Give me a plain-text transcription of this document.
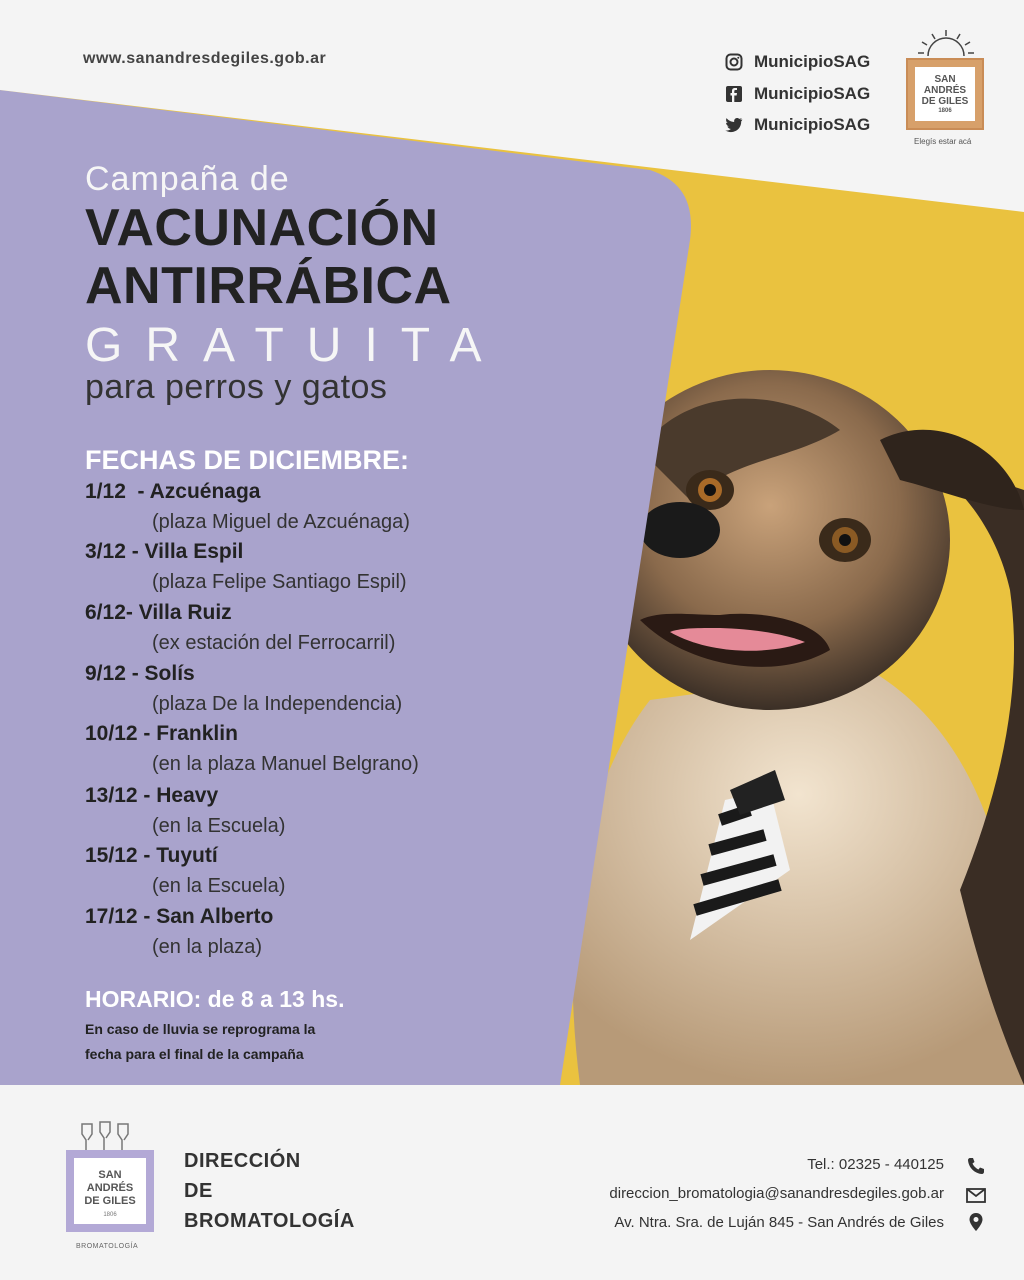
www.sanandresdegiles.gob.ar	MunicipioSAG
MunicipioSAG
MunicipioSAG
SAN
ANDRÉS
DE GILES
1806
Elegís estar acá
Campaña de
VACUNACIÓN
ANTIRRÁBICA
GRATUITA
para perros y gatos
FECHAS DE DICIEMBRE:
1/12  - Azcuénaga
(plaza Miguel de Azcuénaga)
3/12 - Villa Espil
(plaza Felipe Santiago Espil)
6/12- Villa Ruiz
(ex estación del Ferrocarril)
9/12 - Solís
(plaza De la Independencia)
10/12 - Franklin
(en la plaza Manuel Belgrano)
13/12 - Heavy
(en la Escuela)
15/12 - Tuyutí
(en la Escuela)
17/12 - San Alberto
(en la plaza)
HORARIO: de 8 a 13 hs.
En caso de lluvia se reprograma la
fecha para el final de la campaña
SAN
ANDRÉS
DE GILES
1806
BROMATOLOGÍA
DIRECCIÓN
DE
BROMATOLOGÍA
Tel.: 02325 - 440125
direccion_bromatologia@sanandresdegiles.gob.ar
Av. Ntra. Sra. de Luján 845 - San Andrés de Giles
